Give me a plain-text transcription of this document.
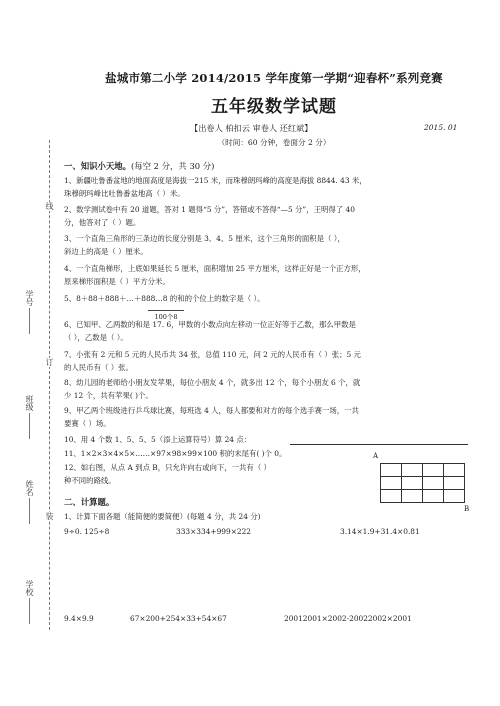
线
订
装
学号
班级
姓名
学校
盐城市第二小学 2014/2015 学年度第一学期“迎春杯”系列竞赛
五年级数学试题
【出卷人 柏扣云 审卷人 还红斌】	2015. 01
（时间：60 分钟，卷面分 2 分）
一、知识小天地。(每空 2 分，共 30 分)
1、新疆吐鲁番盆地的地面高度是海拔一215 米，而珠穆朗玛峰的高度是海拔 8844. 43 米，
珠穆朗玛峰比吐鲁番盆地高（ ）米。
2、数学测试卷中有 20 道题，答对 1 题得“5 分”，答错或不答得“—5 分”，王明得了 40
分，他答对了（ ）题。
3、一个直角三角形的三条边的长度分别是 3、4、5 厘米，这个三角形的面积是（ ），
斜边上的高是（ ）厘米。
4、一个直角梯形，上底如果延长 5 厘米，面积增加 25 平方厘米，这样正好是一个正方形，
原来梯形面积是（ ）平方分米。
5、8＋88＋888＋…＋888…8 的和的个位上的数字是（ ）。
100个8
6、已知甲、乙两数的和是 17. 6，甲数的小数点向左移动一位正好等于乙数，那么甲数是
（ ），乙数是（ ）。
7、小张有 2 元和 5 元的人民币共 34 张，总值 110 元，问 2 元的人民币有（ ）张；5 元
的人民币有（ ）张。
8、幼儿园的老师给小朋友发苹果，每位小朋友 4 个，就多出 12 个，每个小朋友 6 个，就
少 12 个，共有苹果( )个。
9、甲乙两个班级进行乒乓球比赛，每班选 4 人，每人都要和对方的每个选手赛一场，一共
要赛（ ）场。
10、用 4 个数 1、5、5、5（添上运算符号）算 24 点：
11、1×2×3×4×5×……×97×98×99×100 积的末尾有( )个 0。
12、如右图，从点 A 到点 B，只允许向右或向下，一共有（ ）
种不同的路线。
A

B
二、计算题。
1、计算下面各题（能简便的要简便）(每题 4 分，共 24 分)
9÷0. 125÷8	333×334+999×222	3.14×1.9+31.4×0.81
9.4×9.9	67×200+254×33+54×67	20012001×2002-20022002×2001
